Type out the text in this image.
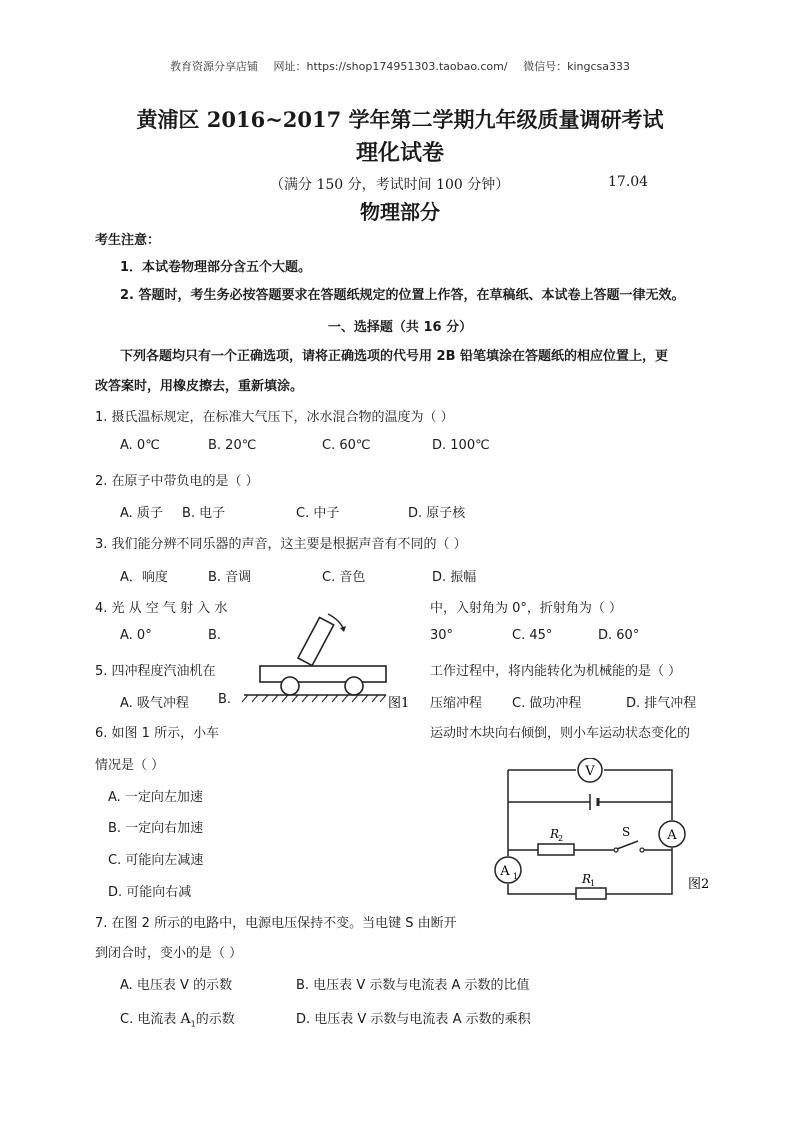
教育资源分享店铺 网址：https://shop174951303.taobao.com/ 微信号：kingcsa333
黄浦区 2016~2017 学年第二学期九年级质量调研考试
理化试卷
（满分 150 分，考试时间 100 分钟）	17.04
物理部分
考生注意：
1．本试卷物理部分含五个大题。
2. 答题时，考生务必按答题要求在答题纸规定的位置上作答，在草稿纸、本试卷上答题一律无效。
一、选择题（共 16 分）
下列各题均只有一个正确选项，请将正确选项的代号用 2B 铅笔填涂在答题纸的相应位置上，更
改答案时，用橡皮擦去，重新填涂。
1. 摄氏温标规定，在标准大气压下，冰水混合物的温度为（ ）
A. 0℃	B. 20℃	C. 60℃	D. 100℃
2. 在原子中带负电的是（ ）
A. 质子 B. 电子	C. 中子	D. 原子核
3. 我们能分辨不同乐器的声音，这主要是根据声音有不同的（ ）
A．响度	B. 音调	C. 音色	D. 振幅
4. 光 从 空 气 射 入 水	中，入射角为 0°，折射角为（ ）
A. 0°	B.	30°	C. 45°	D. 60°
5. 四冲程度汽油机在	工作过程中，将内能转化为机械能的是（ ）
A. 吸气冲程 B.	压缩冲程 C. 做功冲程	D. 排气冲程
图1
6. 如图 1 所示，小车	运动时木块向右倾倒，则小车运动状态变化的
情况是（ ）
A. 一定向左加速
B. 一定向右加速
C. 可能向左减速
D. 可能向右减
V
A
A 1
R
2	S
R
1	图2
7. 在图 2 所示的电路中，电源电压保持不变。当电键 S 由断开
到闭合时，变小的是（ ）
A. 电压表 V 的示数	B. 电压表 V 示数与电流表 A 示数的比值
C. 电流表 $A_1$的示数	D. 电压表 V 示数与电流表 A 示数的乘积
